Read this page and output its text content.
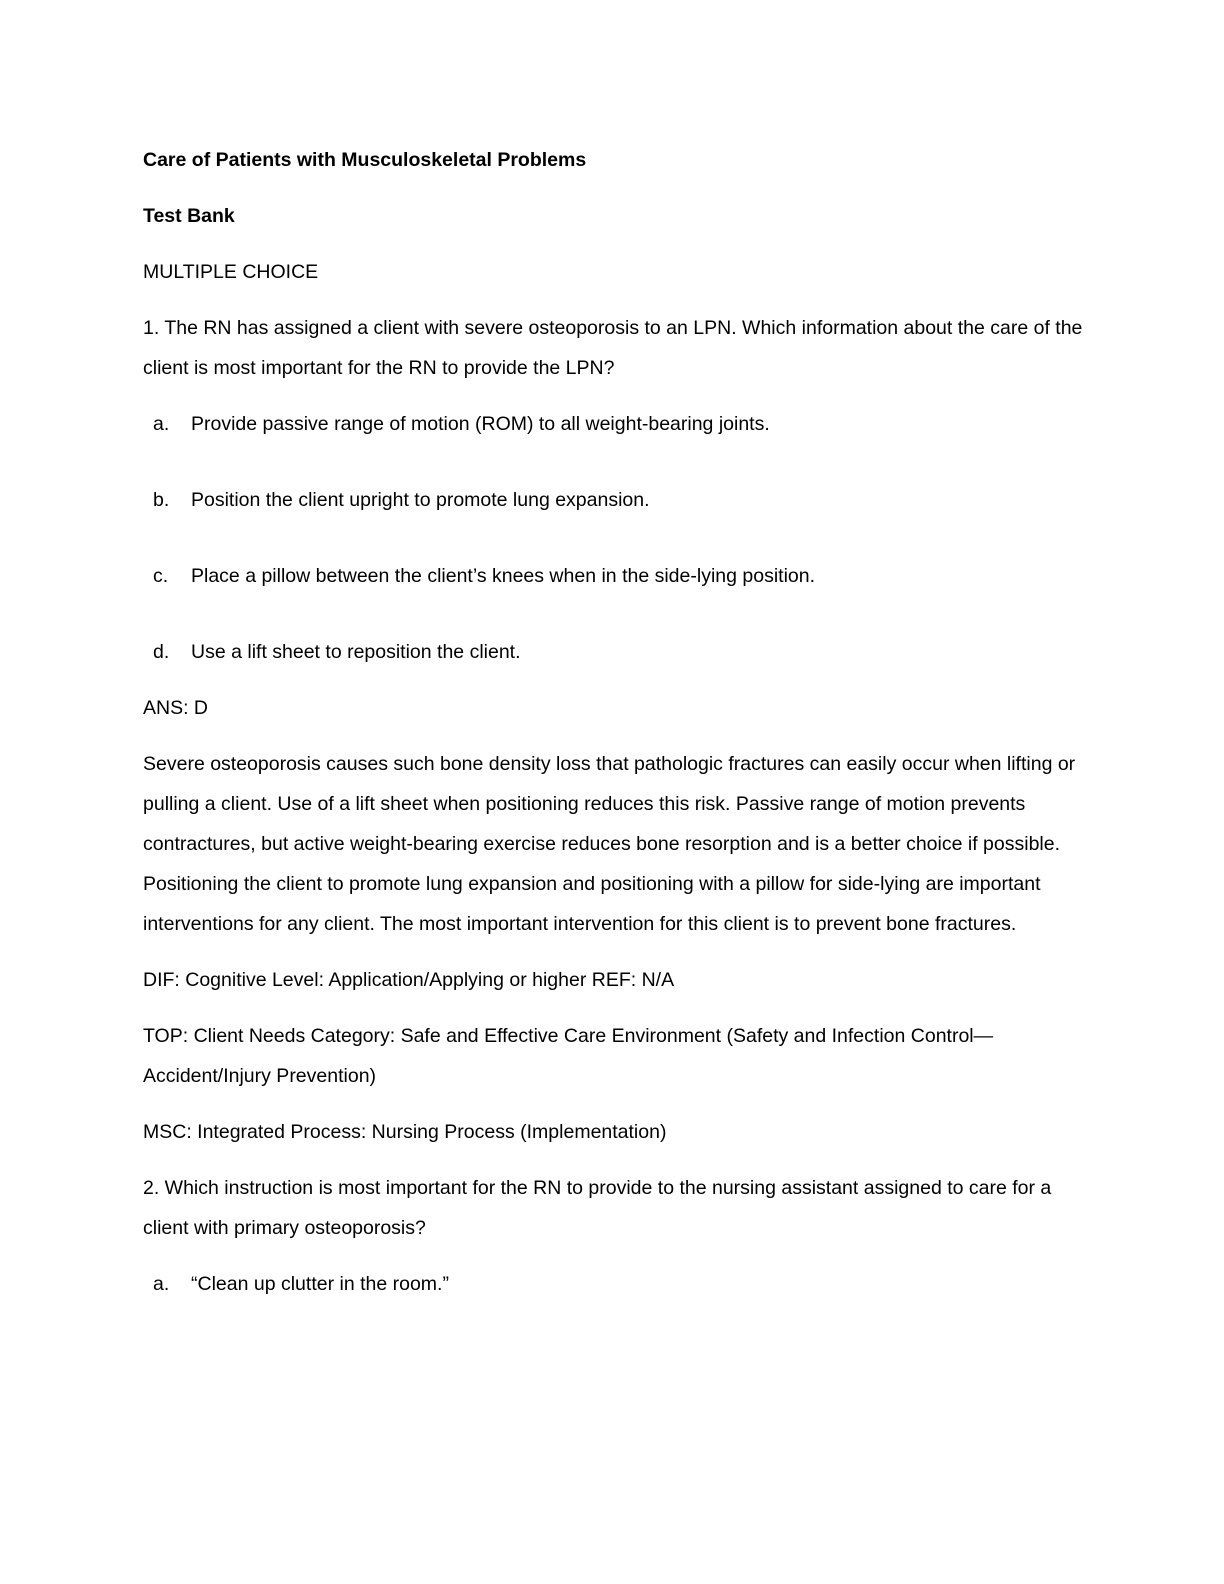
Care of Patients with Musculoskeletal Problems
Test Bank
MULTIPLE CHOICE
1. The RN has assigned a client with severe osteoporosis to an LPN. Which information about the care of the client is most important for the RN to provide the LPN?
a. Provide passive range of motion (ROM) to all weight-bearing joints.
b. Position the client upright to promote lung expansion.
c. Place a pillow between the client’s knees when in the side-lying position.
d. Use a lift sheet to reposition the client.
ANS: D
Severe osteoporosis causes such bone density loss that pathologic fractures can easily occur when lifting or pulling a client. Use of a lift sheet when positioning reduces this risk. Passive range of motion prevents contractures, but active weight-bearing exercise reduces bone resorption and is a better choice if possible. Positioning the client to promote lung expansion and positioning with a pillow for side-lying are important interventions for any client. The most important intervention for this client is to prevent bone fractures.
DIF: Cognitive Level: Application/Applying or higher REF: N/A
TOP: Client Needs Category: Safe and Effective Care Environment (Safety and Infection Control—Accident/Injury Prevention)
MSC: Integrated Process: Nursing Process (Implementation)
2. Which instruction is most important for the RN to provide to the nursing assistant assigned to care for a client with primary osteoporosis?
a. “Clean up clutter in the room.”
